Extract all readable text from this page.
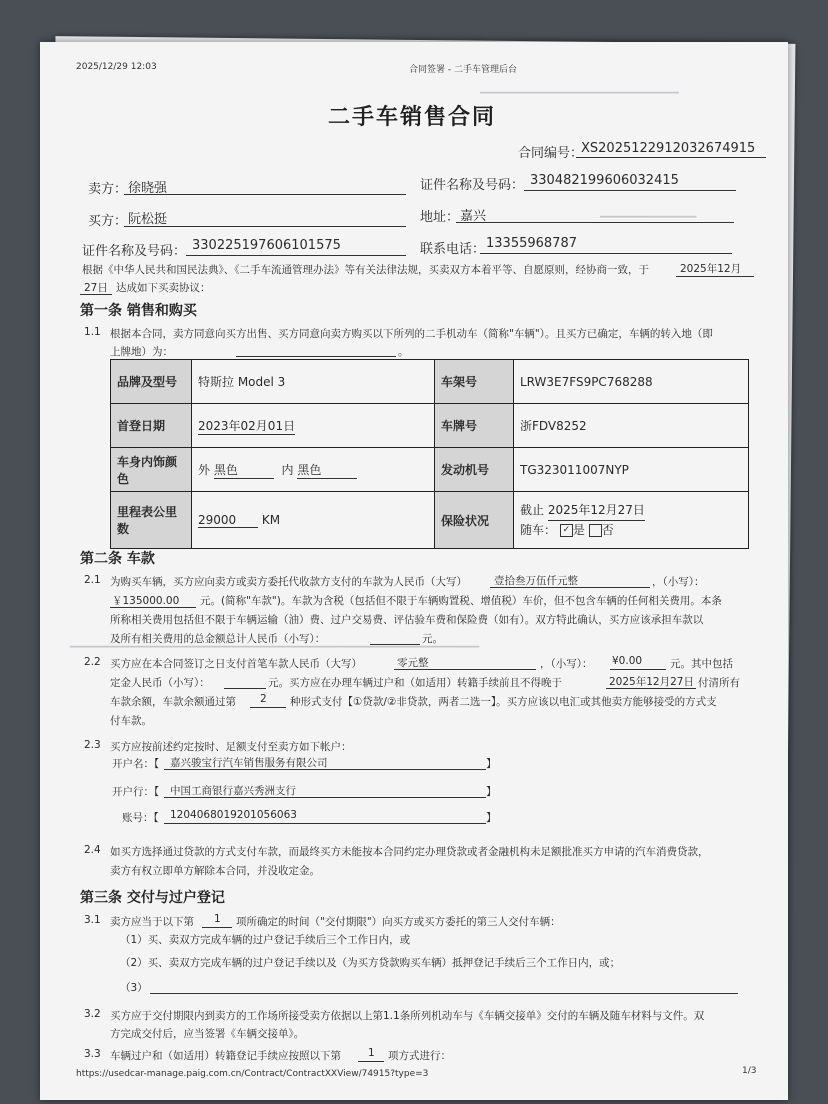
━━━━━━━━━━━━━━━━━━━━━━━━━━━━━━━━━
━━━━━━━━━━━━━━━━
━━━━━━━━━━━━━━━━━━━━━━━━━━━━━━━━━━━━━━━━━━━━━━━━━━━━━━━━━━━━━━━━━━━━
2025/12/29 12:03	合同签署 - 二手车管理后台
二手车销售合同
合同编号：
XS2025122912032674915
卖方： 徐晓强	证件名称及号码： 330482199606032415
买方： 阮松挺	地址： 嘉兴
证件名称及号码： 330225197606101575	联系电话： 13355968787
根据《中华人民共和国民法典》、《二手车流通管理办法》等有关法律法规，买卖双方本着平等、自愿原则，经协商一致，于	2025年12月
27日 达成如下买卖协议：
第一条 销售和购买
1.1 根据本合同，卖方同意向买方出售、买方同意向卖方购买以下所列的二手机动车（简称"车辆"）。且买方已确定，车辆的转入地（即
上牌地）为：	。
品牌及型号	特斯拉 Model 3	车架号	LRW3E7FS9PC768288
首登日期	2023年02月01日	车牌号	浙FDV8252
车身内饰颜色	外 黑色 内 黑色	发动机号	TG323011007NYP
里程表公里数	29000 KM	保险状况	截止 2025年12月27日
随车： ✓ 是 否
第二条 车款
2.1 为购买车辆，买方应向卖方或卖方委托代收款方支付的车款为人民币（大写）	壹拾叁万伍仟元整	，（小写）：
￥135000.00 元。(简称"车款")。车款为含税（包括但不限于车辆购置税、增值税）车价，但不包含车辆的任何相关费用。本条
所称相关费用包括但不限于车辆运输（油）费、过户交易费、评估验车费和保险费（如有）。双方特此确认，买方应该承担车款以
及所有相关费用的总金额总计人民币（小写）：	元。
2.2 买方应在本合同签订之日支付首笔车款人民币（大写）	零元整	，（小写）： ¥0.00	元。其中包括
定金人民币（小写）：	元。买方应在办理车辆过户和（如适用）转籍手续前且不得晚于	2025年12月27日 付清所有
车款余额，车款余额通过第 2 种形式支付【①贷款/②非贷款，两者二选一】。买方应该以电汇或其他卖方能够接受的方式支
付车款。
2.3 买方应按前述约定按时、足额支付至卖方如下帐户：
开户名：【 嘉兴骏宝行汽车销售服务有限公司	】
开户行：【 中国工商银行嘉兴秀洲支行	】
账号：【 1204068019201056063	】
2.4 如买方选择通过贷款的方式支付车款，而最终买方未能按本合同约定办理贷款或者金融机构未足额批准买方申请的汽车消费贷款，
卖方有权立即单方解除本合同，并没收定金。
第三条 交付与过户登记
3.1 卖方应当于以下第 1 项所确定的时间（"交付期限"）向买方或买方委托的第三人交付车辆：
（1）买、卖双方完成车辆的过户登记手续后三个工作日内，或
（2）买、卖双方完成车辆的过户登记手续以及（为买方贷款购买车辆）抵押登记手续后三个工作日内，或；
（3）
3.2 买方应于交付期限内到卖方的工作场所接受卖方依据以上第1.1条所列机动车与《车辆交接单》交付的车辆及随车材料与文件。双
方完成交付后，应当签署《车辆交接单》。
3.3 车辆过户和（如适用）转籍登记手续应按照以下第	1 项方式进行：
https://usedcar-manage.paig.com.cn/Contract/ContractXXView/74915?type=3	1/3
